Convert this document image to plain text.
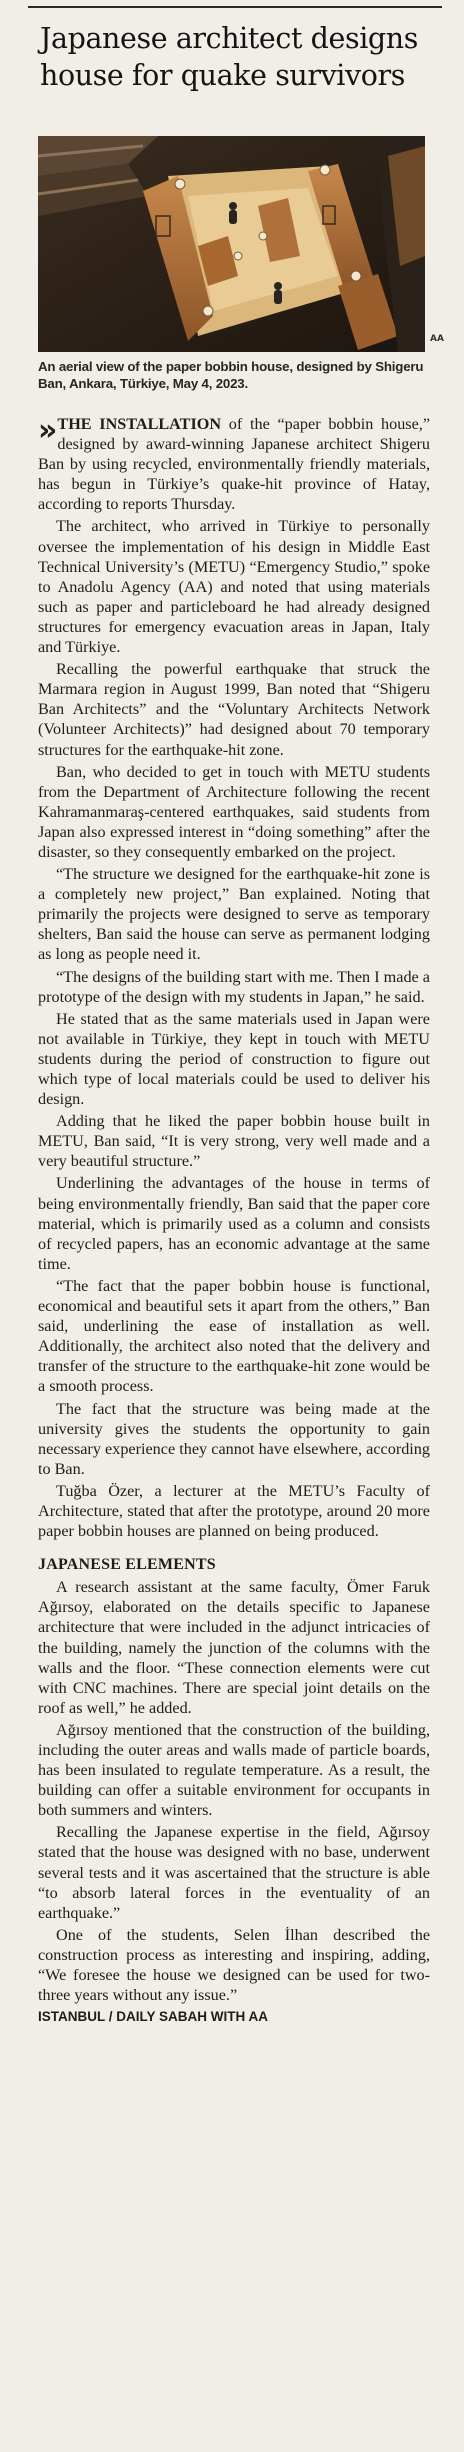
Japanese architect designs house for quake survivors
AA
An aerial view of the paper bobbin house, designed by Shigeru Ban, Ankara, Türkiye, May 4, 2023.

» THE INSTALLATION of the “paper bobbin house,” designed by award-winning Japanese architect Shigeru Ban by using recycled, environmentally friendly materials, has begun in Türkiye’s quake-hit province of Hatay, according to reports Thursday.

The architect, who arrived in Türkiye to personally oversee the implementation of his design in Middle East Technical University’s (METU) “Emergency Studio,” spoke to Anadolu Agency (AA) and noted that using materials such as paper and particleboard he had already designed structures for emergency evacuation areas in Japan, Italy and Türkiye.

Recalling the powerful earthquake that struck the Marmara region in August 1999, Ban noted that “Shigeru Ban Architects” and the “Voluntary Architects Network (Volunteer Architects)” had designed about 70 temporary structures for the earthquake-hit zone.

Ban, who decided to get in touch with METU students from the Department of Architecture following the recent Kahramanmaraş-centered earthquakes, said students from Japan also expressed interest in “doing something” after the disaster, so they consequently embarked on the project.

“The structure we designed for the earthquake-hit zone is a completely new project,” Ban explained. Noting that primarily the projects were designed to serve as temporary shelters, Ban said the house can serve as permanent lodging as long as people need it.

“The designs of the building start with me. Then I made a prototype of the design with my students in Japan,” he said.

He stated that as the same materials used in Japan were not available in Türkiye, they kept in touch with METU students during the period of construction to figure out which type of local materials could be used to deliver his design.

Adding that he liked the paper bobbin house built in METU, Ban said, “It is very strong, very well made and a very beautiful structure.”

Underlining the advantages of the house in terms of being environmentally friendly, Ban said that the paper core material, which is primarily used as a column and consists of recycled papers, has an economic advantage at the same time.

“The fact that the paper bobbin house is functional, economical and beautiful sets it apart from the others,” Ban said, underlining the ease of installation as well. Additionally, the architect also noted that the delivery and transfer of the structure to the earthquake-hit zone would be a smooth process.

The fact that the structure was being made at the university gives the students the opportunity to gain necessary experience they cannot have elsewhere, according to Ban.

Tuğba Özer, a lecturer at the METU’s Faculty of Architecture, stated that after the prototype, around 20 more paper bobbin houses are planned on being produced.

JAPANESE ELEMENTS

A research assistant at the same faculty, Ömer Faruk Ağırsoy, elaborated on the details specific to Japanese architecture that were included in the adjunct intricacies of the building, namely the junction of the columns with the walls and the floor. “These connection elements were cut with CNC machines. There are special joint details on the roof as well,” he added.

Ağırsoy mentioned that the construction of the building, including the outer areas and walls made of particle boards, has been insulated to regulate temperature. As a result, the building can offer a suitable environment for occupants in both summers and winters.

Recalling the Japanese expertise in the field, Ağırsoy stated that the house was designed with no base, underwent several tests and it was ascertained that the structure is able “to absorb lateral forces in the eventuality of an earthquake.”

One of the students, Selen İlhan described the construction process as interesting and inspiring, adding, “We foresee the house we designed can be used for two-three years without any issue.”

ISTANBUL / DAILY SABAH WITH AA
